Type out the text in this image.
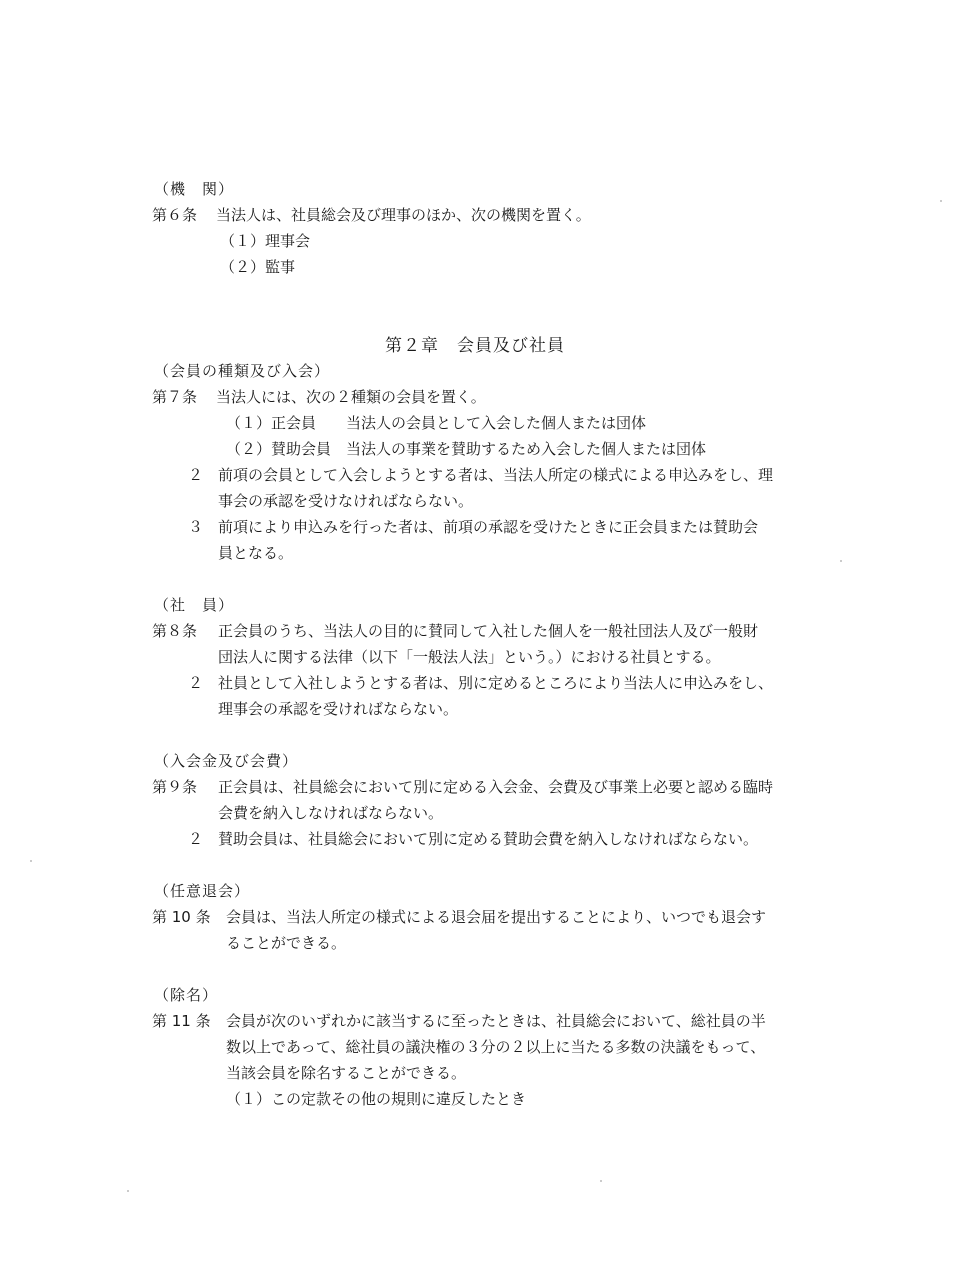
（機　関）
第６条 当法人は、社員総会及び理事のほか、次の機関を置く。
（１）理事会
（２）監事
第２章　会員及び社員
（会員の種類及び入会）
第７条 当法人には、次の２種類の会員を置く。
（１）正会員 当法人の会員として入会した個人または団体
（２）賛助会員 当法人の事業を賛助するため入会した個人または団体
２ 前項の会員として入会しようとする者は、当法人所定の様式による申込みをし、理
事会の承認を受けなければならない。
３ 前項により申込みを行った者は、前項の承認を受けたときに正会員または賛助会
員となる。
（社　員）
第８条 正会員のうち、当法人の目的に賛同して入社した個人を一般社団法人及び一般財
団法人に関する法律（以下「一般法人法」という。）における社員とする。
２ 社員として入社しようとする者は、別に定めるところにより当法人に申込みをし、
理事会の承認を受ければならない。
（入会金及び会費）
第９条 正会員は、社員総会において別に定める入会金、会費及び事業上必要と認める臨時
会費を納入しなければならない。
２ 賛助会員は、社員総会において別に定める賛助会費を納入しなければならない。
（任意退会）
第 10 条 会員は、当法人所定の様式による退会届を提出することにより、いつでも退会す
ることができる。
（除名）
第 11 条 会員が次のいずれかに該当するに至ったときは、社員総会において、総社員の半
数以上であって、総社員の議決権の３分の２以上に当たる多数の決議をもって、
当該会員を除名することができる。
（１）この定款その他の規則に違反したとき
